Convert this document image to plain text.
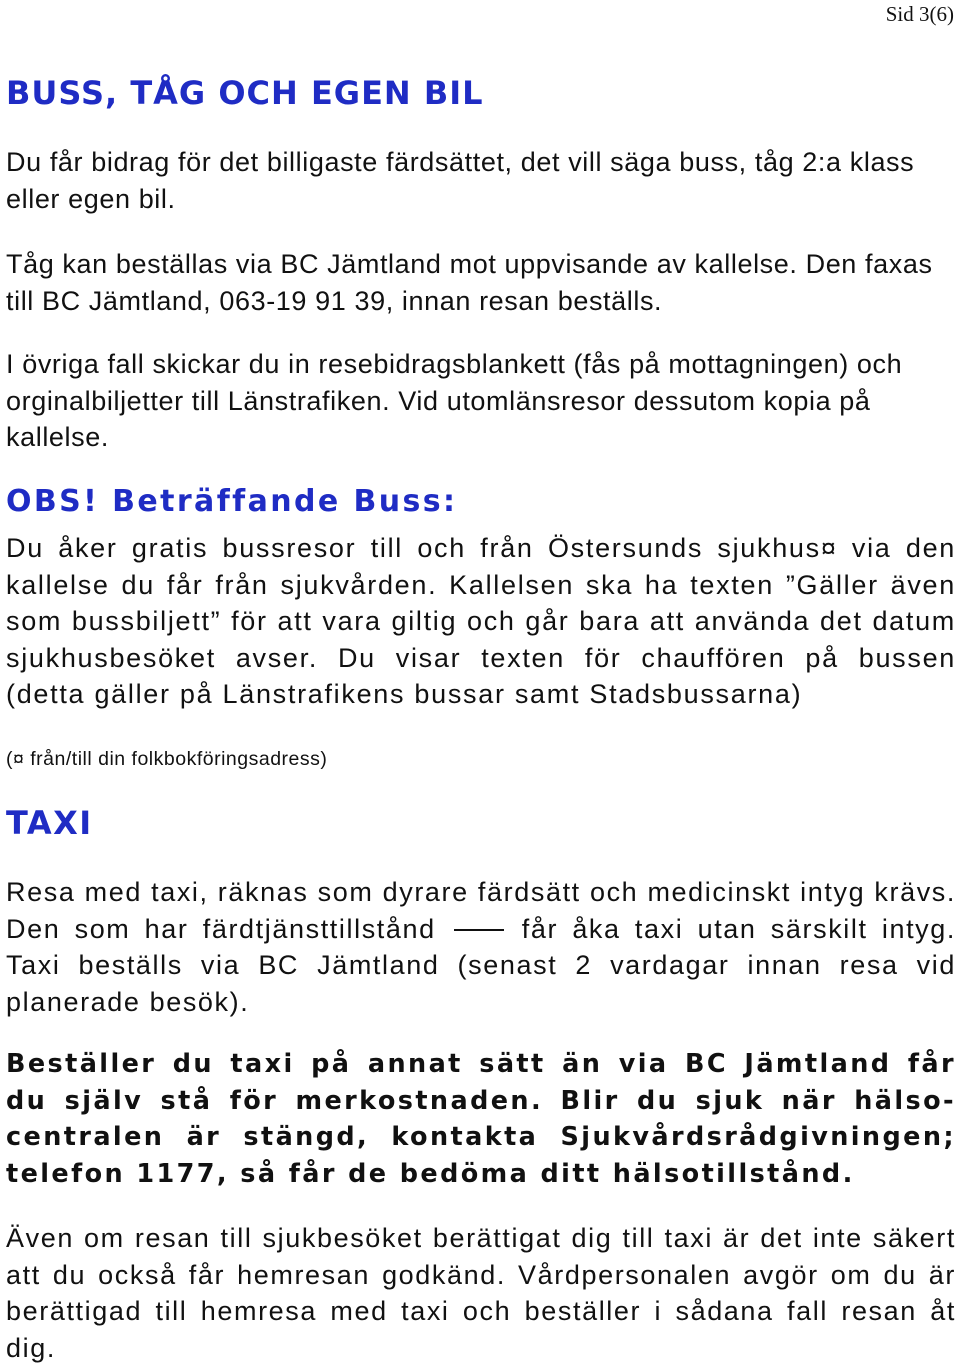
Sid 3(6)
BUSS, TÅG OCH EGEN BIL

Du får bidrag för det billigaste färdsättet, det vill säga buss, tåg 2:a klass eller egen bil.

Tåg kan beställas via BC Jämtland mot uppvisande av kallelse. Den faxas till BC Jämtland, 063-19 91 39, innan resan beställs.

I övriga fall skickar du in resebidragsblankett (fås på mottagningen) och orginalbiljetter till Länstrafiken. Vid utomlänsresor dessutom kopia på kallelse.

OBS! Beträffande Buss:

Du åker gratis bussresor till och från Östersunds sjukhus¤ via den kallelse du får från sjukvården. Kallelsen ska ha texten ”Gäller även som bussbiljett” för att vara giltig och går bara att använda det datum sjukhusbesöket avser. Du visar texten för chauffören på bussen (detta gäller på Länstrafikens bussar samt Stadsbussarna)

(¤ från/till din folkbokföringsadress)
TAXI

Resa med taxi, räknas som dyrare färdsätt och medicinskt intyg krävs. Den som har färdtjänsttillstånd	får åka taxi utan särskilt intyg. Taxi beställs via BC Jämtland (senast 2 vardagar innan resa vid planerade besök).

Beställer du taxi på annat sätt än via BC Jämtland får du själv stå för merkostnaden. Blir du sjuk när hälso-centralen är stängd, kontakta Sjukvårdsrådgivningen; telefon 1177, så får de bedöma ditt hälsotillstånd.

Även om resan till sjukbesöket berättigat dig till taxi är det inte säkert att du också får hemresan godkänd. Vårdpersonalen avgör om du är berättigad till hemresa med taxi och beställer i sådana fall resan åt dig.
